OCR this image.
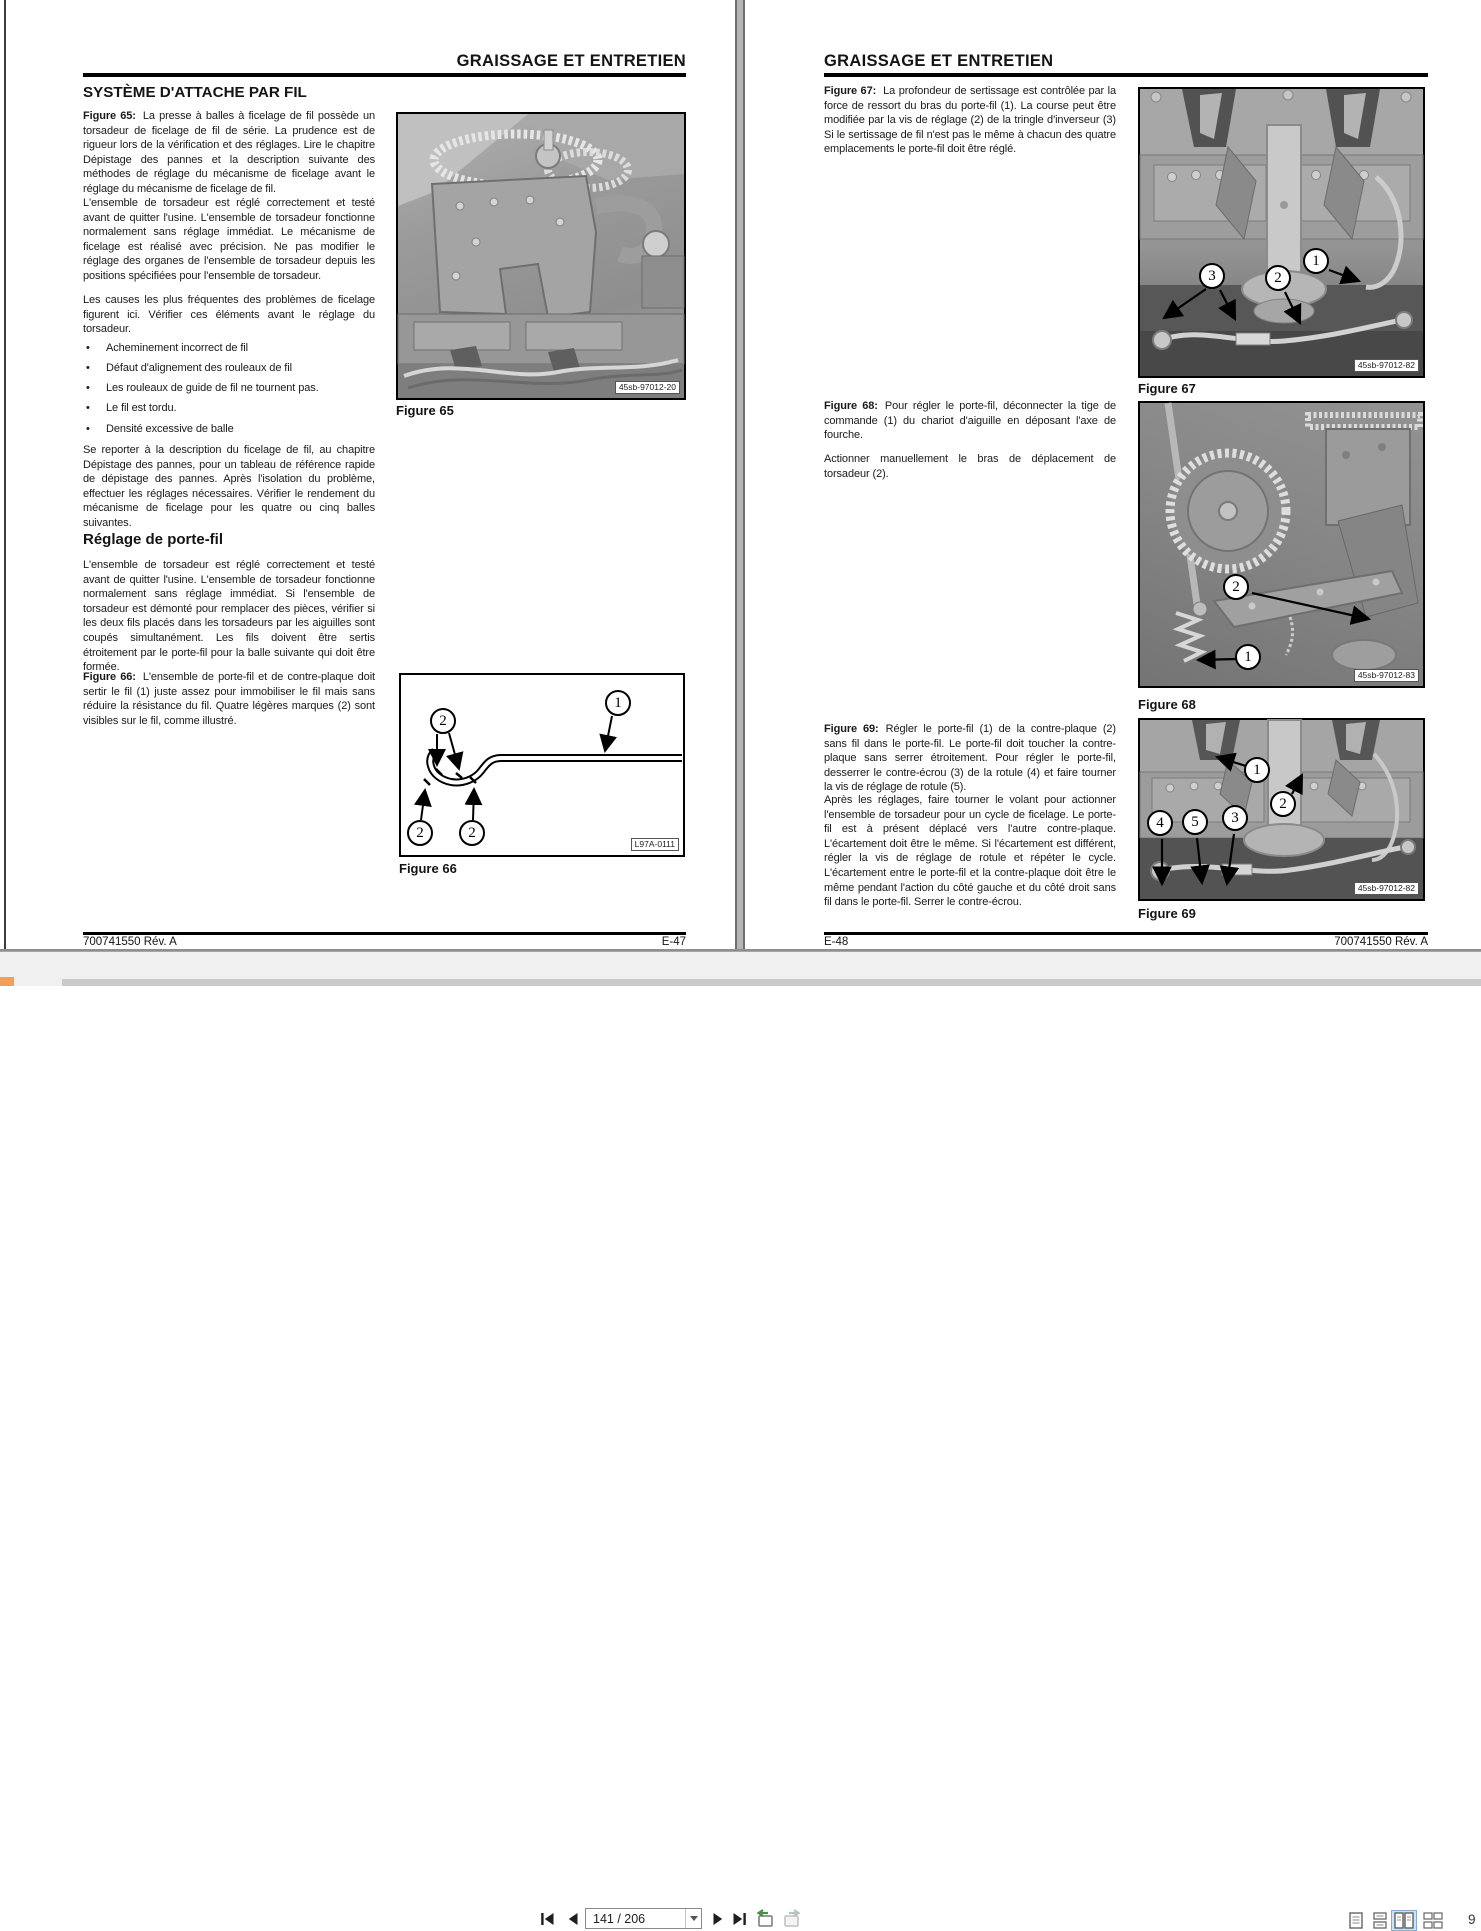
GRAISSAGE ET ENTRETIEN
SYSTÈME D'ATTACHE PAR FIL
Figure 65: La presse à balles à ficelage de fil possède un torsadeur de ficelage de fil de série. La prudence est de rigueur lors de la vérification et des réglages. Lire le chapitre Dépistage des pannes et la description suivante des méthodes de réglage du mécanisme de ficelage avant le réglage du mécanisme de ficelage de fil.
L'ensemble de torsadeur est réglé correctement et testé avant de quitter l'usine. L'ensemble de torsadeur fonctionne normalement sans réglage immédiat. Le mécanisme de ficelage est réalisé avec précision. Ne pas modifier le réglage des organes de l'ensemble de torsadeur depuis les positions spécifiées pour l'ensemble de torsadeur.
Les causes les plus fréquentes des problèmes de ficelage figurent ici. Vérifier ces éléments avant le réglage du torsadeur.
• Acheminement incorrect de fil
• Défaut d'alignement des rouleaux de fil
• Les rouleaux de guide de fil ne tournent pas.
• Le fil est tordu.
• Densité excessive de balle
Se reporter à la description du ficelage de fil, au chapitre Dépistage des pannes, pour un tableau de référence rapide de dépistage des pannes. Après l'isolation du problème, effectuer les réglages nécessaires. Vérifier le rendement du mécanisme de ficelage pour les quatre ou cinq balles suivantes.
Réglage de porte-fil
L'ensemble de torsadeur est réglé correctement et testé avant de quitter l'usine. L'ensemble de torsadeur fonctionne normalement sans réglage immédiat. Si l'ensemble de torsadeur est démonté pour remplacer des pièces, vérifier si les deux fils placés dans les torsadeurs par les aiguilles sont coupés simultanément. Les fils doivent être sertis étroitement par le porte-fil pour la balle suivante qui doit être formée.
Figure 66: L'ensemble de porte-fil et de contre-plaque doit sertir le fil (1) juste assez pour immobiliser le fil mais sans réduire la résistance du fil. Quatre légères marques (2) sont visibles sur le fil, comme illustré.
45sb-97012-20
Figure 65
1
2
2	2
L97A-0111
Figure 66
700741550 Rév. A	E-47
GRAISSAGE ET ENTRETIEN
Figure 67: La profondeur de sertissage est contrôlée par la force de ressort du bras du porte-fil (1). La course peut être modifiée par la vis de réglage (2) de la tringle d'inverseur (3) Si le sertissage de fil n'est pas le même à chacun des quatre emplacements le porte-fil doit être réglé.
Figure 68: Pour régler le porte-fil, déconnecter la tige de commande (1) du chariot d'aiguille en déposant l'axe de fourche.
Actionner manuellement le bras de déplacement de torsadeur (2).
Figure 69: Régler le porte-fil (1) de la contre-plaque (2) sans fil dans le porte-fil. Le porte-fil doit toucher la contre-plaque sans serrer étroitement. Pour régler le porte-fil, desserrer le contre-écrou (3) de la rotule (4) et faire tourner la vis de réglage de rotule (5).
Après les réglages, faire tourner le volant pour actionner l'ensemble de torsadeur pour un cycle de ficelage. Le porte-fil est à présent déplacé vers l'autre contre-plaque. L'écartement doit être le même. Si l'écartement est différent, régler la vis de réglage de rotule et répéter le cycle. L'écartement entre le porte-fil et la contre-plaque doit être le même pendant l'action du côté gauche et du côté droit sans fil dans le porte-fil. Serrer le contre-écrou.
1
2
3
45sb-97012-82
Figure 67
2
1
45sb-97012-83
Figure 68
1
2
3
4	5
45sb-97012-82
Figure 69
E-48	700741550 Rév. A
141 / 206	9
